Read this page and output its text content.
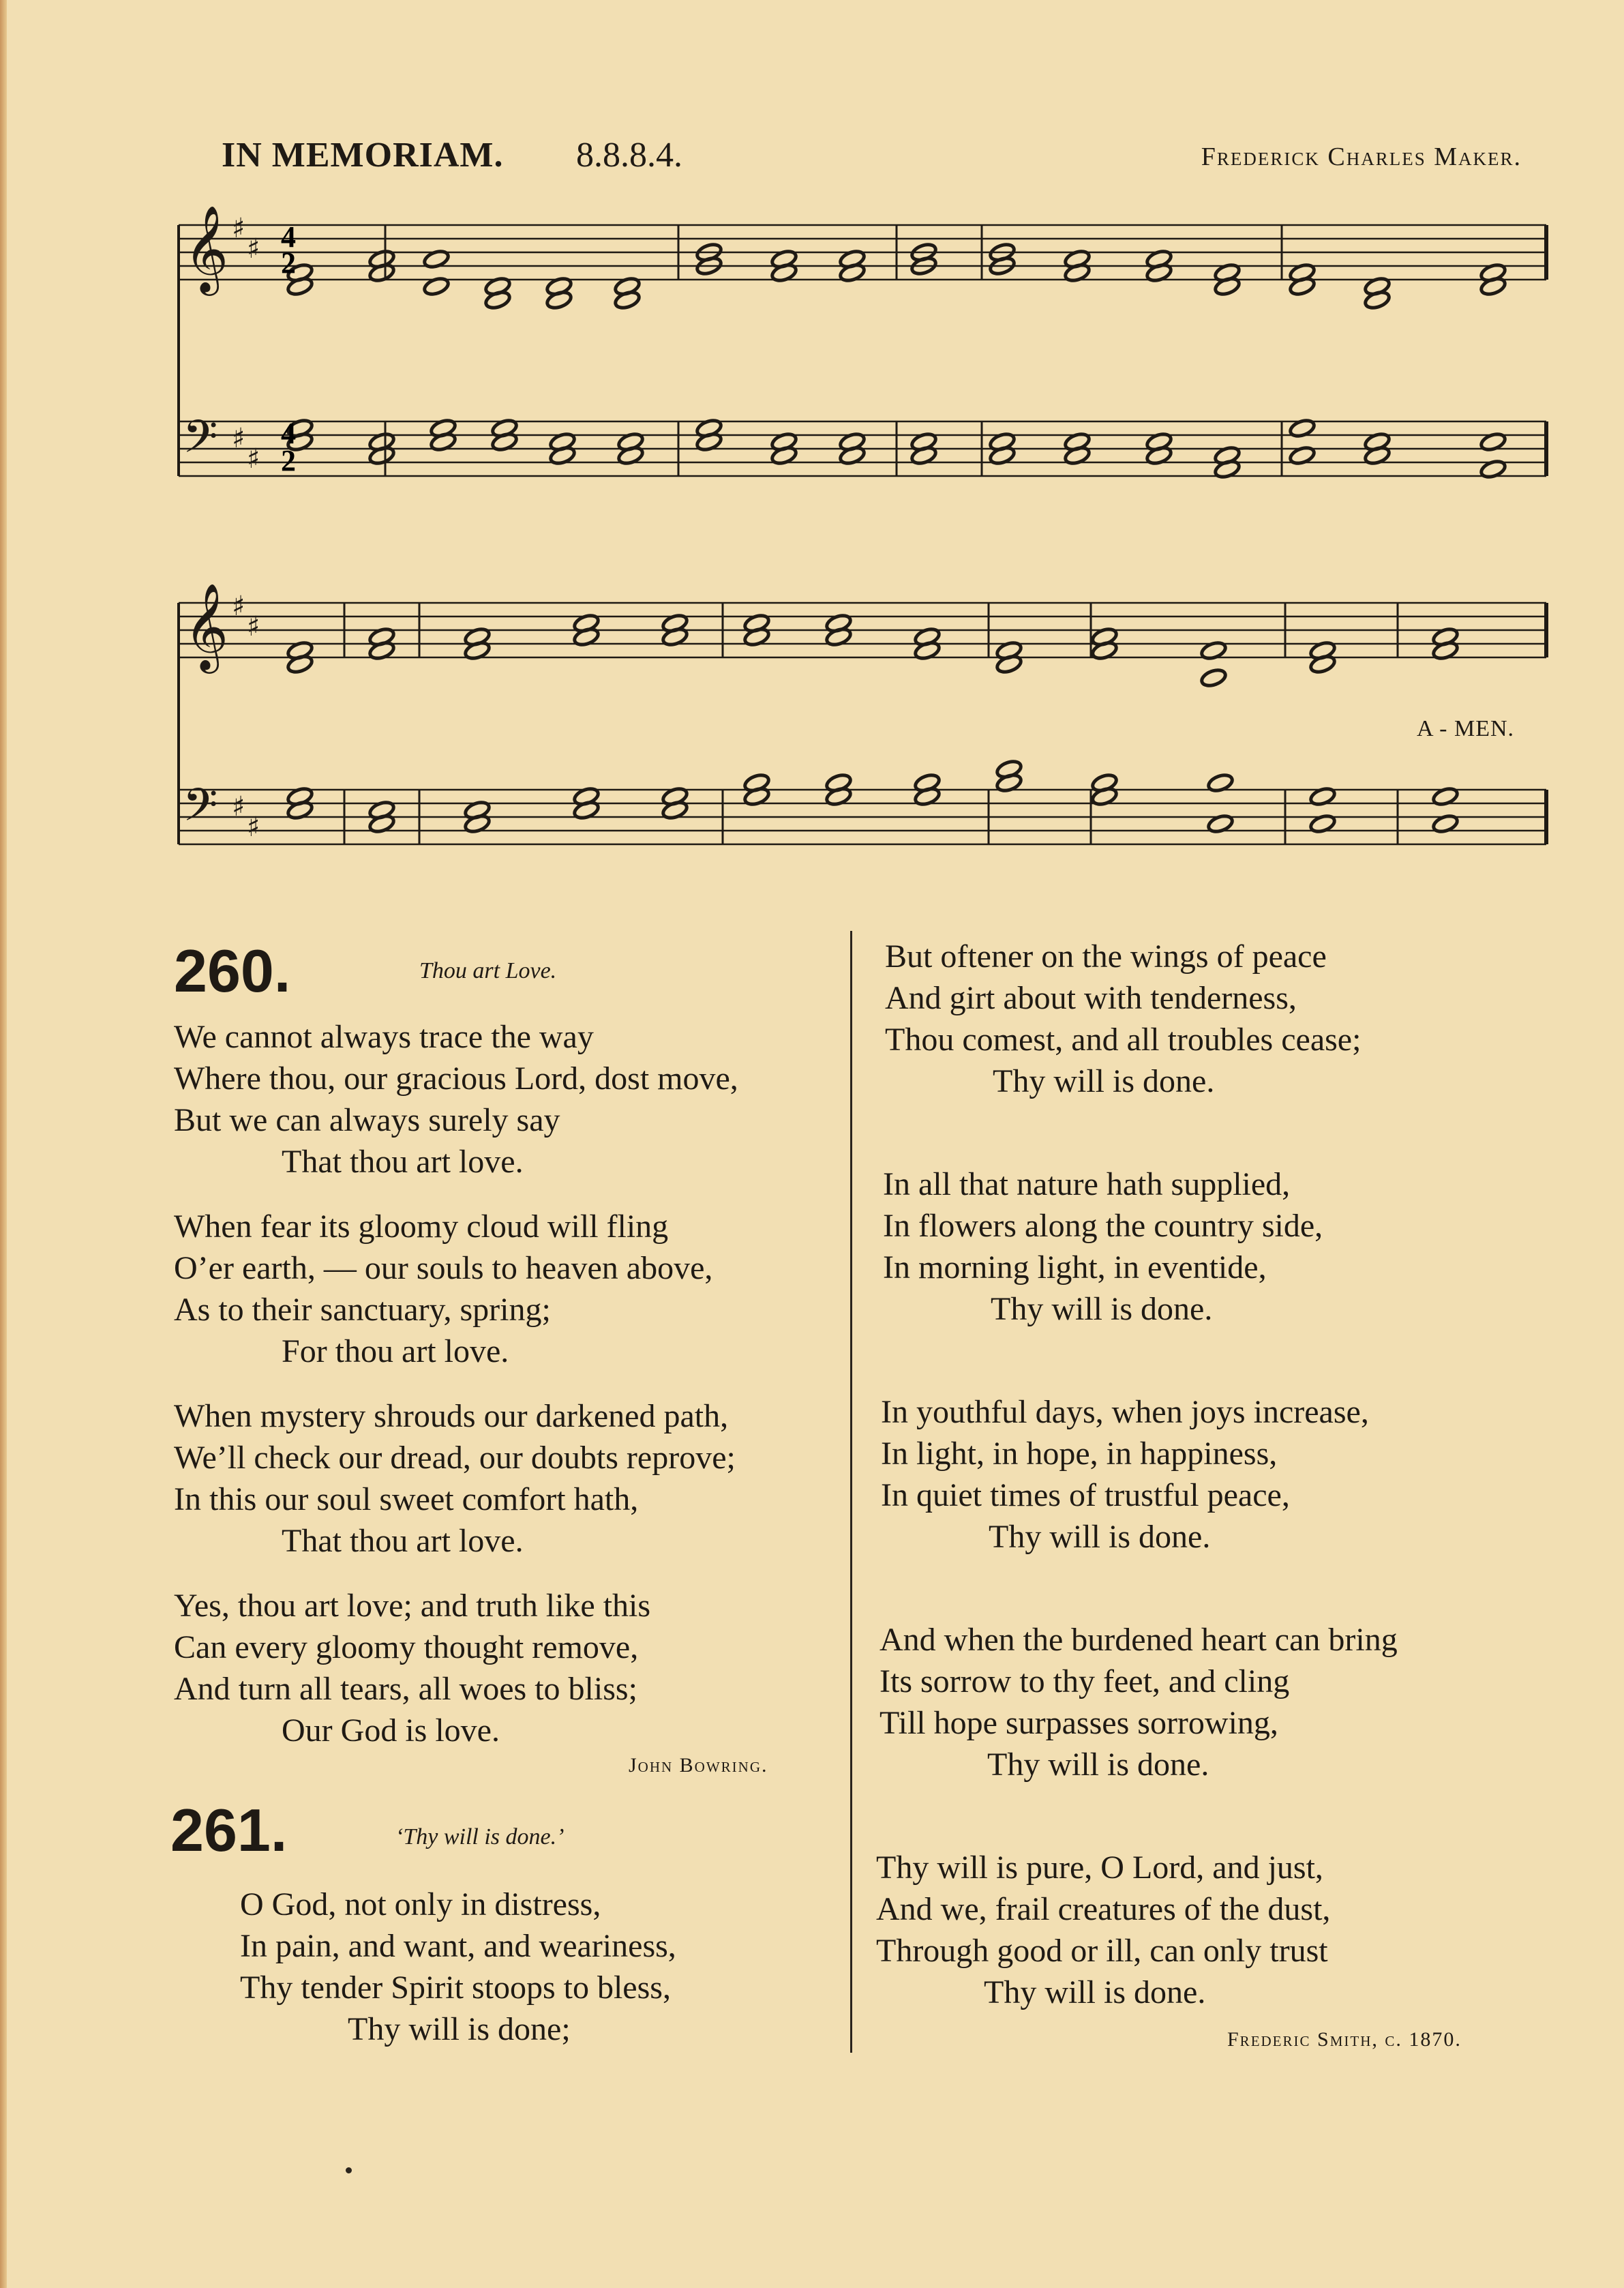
IN MEMORIAM. 8.8.8.4.	Frederick Charles Maker.
𝄞
𝄢
♯
♯
♯
♯
𝄞
𝄢
♯
♯
♯
♯
4
2
4
2
A - MEN.
260.	Thou art Love.
We cannot always trace the way
Where thou, our gracious Lord, dost move,
But we can always surely say
That thou art love.
When fear its gloomy cloud will fling
O’er earth, — our souls to heaven above,
As to their sanctuary, spring;
For thou art love.
When mystery shrouds our darkened path,
We’ll check our dread, our doubts reprove;
In this our soul sweet comfort hath,
That thou art love.
Yes, thou art love; and truth like this
Can every gloomy thought remove,
And turn all tears, all woes to bliss;
Our God is love.
John Bowring.
261.	‘Thy will is done.’
O God, not only in distress,
In pain, and want, and weariness,
Thy tender Spirit stoops to bless,
Thy will is done;
But oftener on the wings of peace
And girt about with tenderness,
Thou comest, and all troubles cease;
Thy will is done.
In all that nature hath supplied,
In flowers along the country side,
In morning light, in eventide,
Thy will is done.
In youthful days, when joys increase,
In light, in hope, in happiness,
In quiet times of trustful peace,
Thy will is done.
And when the burdened heart can bring
Its sorrow to thy feet, and cling
Till hope surpasses sorrowing,
Thy will is done.
Thy will is pure, O Lord, and just,
And we, frail creatures of the dust,
Through good or ill, can only trust
Thy will is done.
Frederic Smith, c. 1870.
